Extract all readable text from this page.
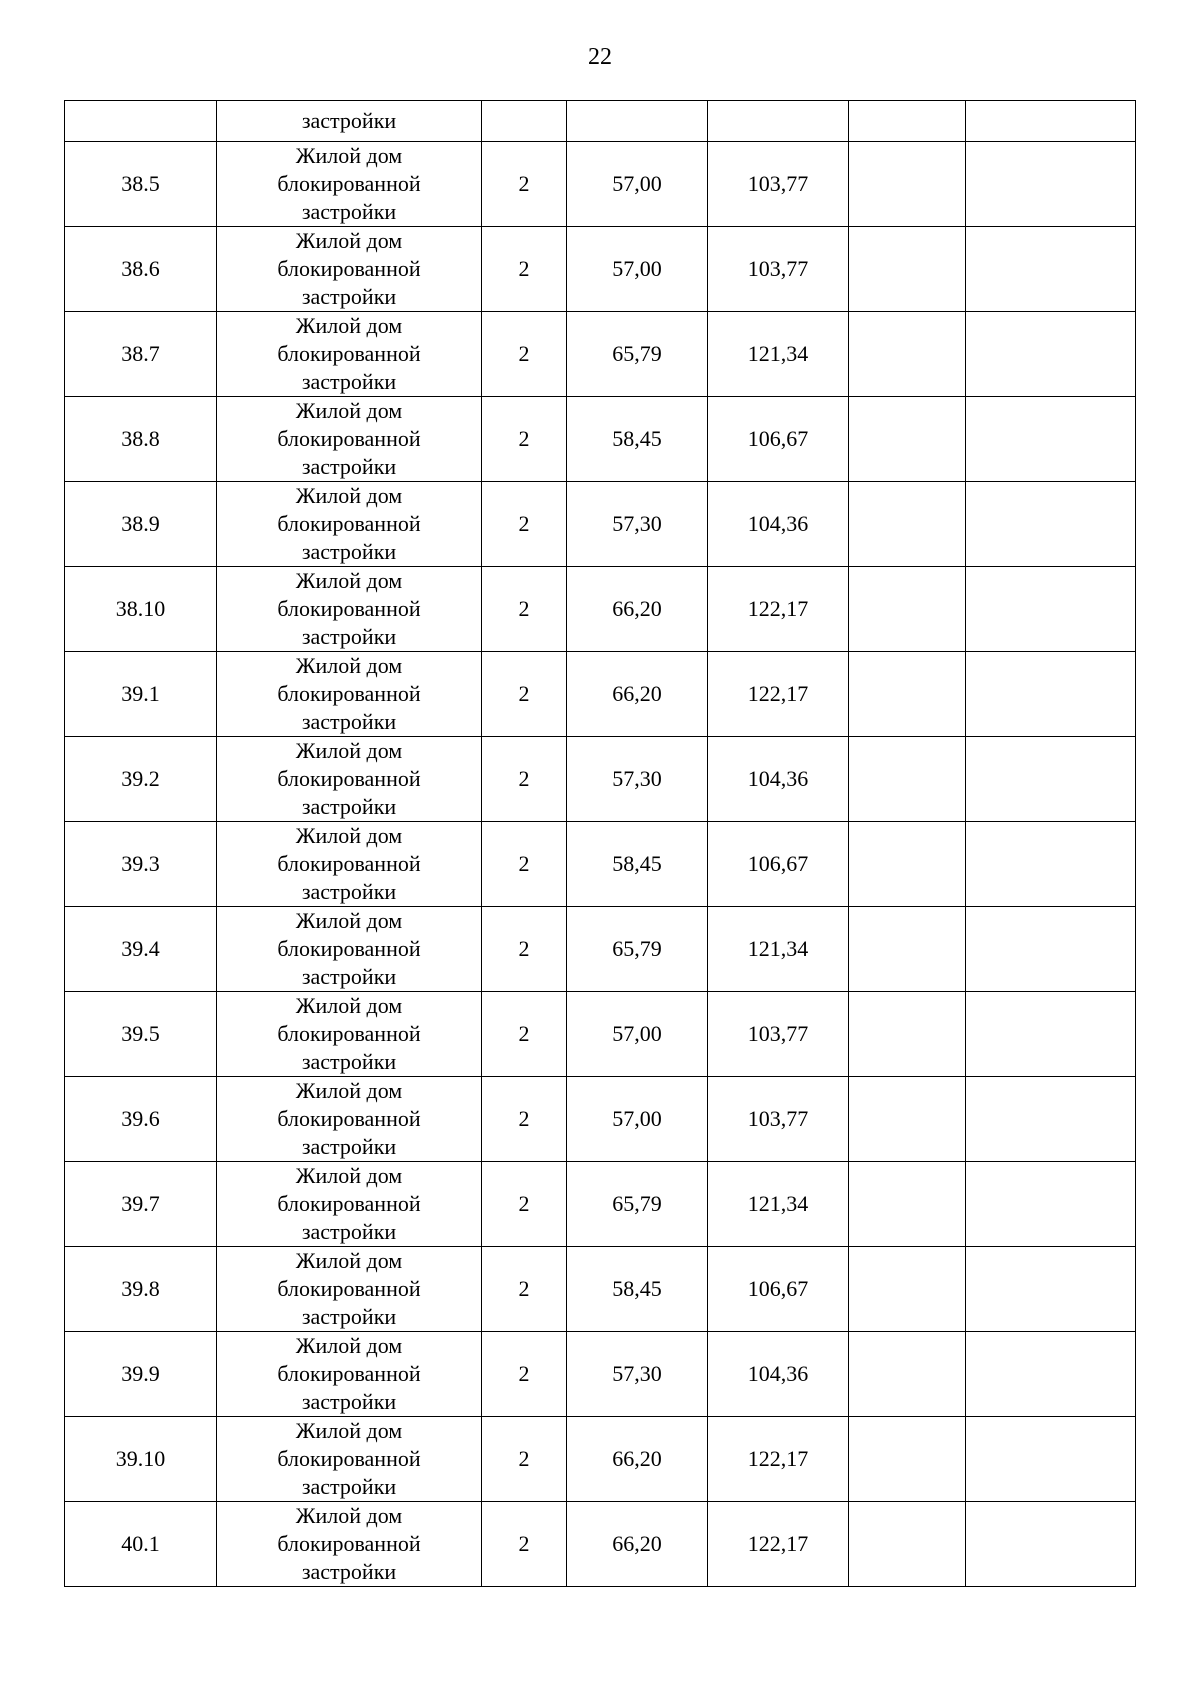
22
	застройки					
38.5	Жилой дом
блокированной
застройки	2	57,00	103,77		
38.6	Жилой дом
блокированной
застройки	2	57,00	103,77		
38.7	Жилой дом
блокированной
застройки	2	65,79	121,34		
38.8	Жилой дом
блокированной
застройки	2	58,45	106,67		
38.9	Жилой дом
блокированной
застройки	2	57,30	104,36		
38.10	Жилой дом
блокированной
застройки	2	66,20	122,17		
39.1	Жилой дом
блокированной
застройки	2	66,20	122,17		
39.2	Жилой дом
блокированной
застройки	2	57,30	104,36		
39.3	Жилой дом
блокированной
застройки	2	58,45	106,67		
39.4	Жилой дом
блокированной
застройки	2	65,79	121,34		
39.5	Жилой дом
блокированной
застройки	2	57,00	103,77		
39.6	Жилой дом
блокированной
застройки	2	57,00	103,77		
39.7	Жилой дом
блокированной
застройки	2	65,79	121,34		
39.8	Жилой дом
блокированной
застройки	2	58,45	106,67		
39.9	Жилой дом
блокированной
застройки	2	57,30	104,36		
39.10	Жилой дом
блокированной
застройки	2	66,20	122,17		
40.1	Жилой дом
блокированной
застройки	2	66,20	122,17		
